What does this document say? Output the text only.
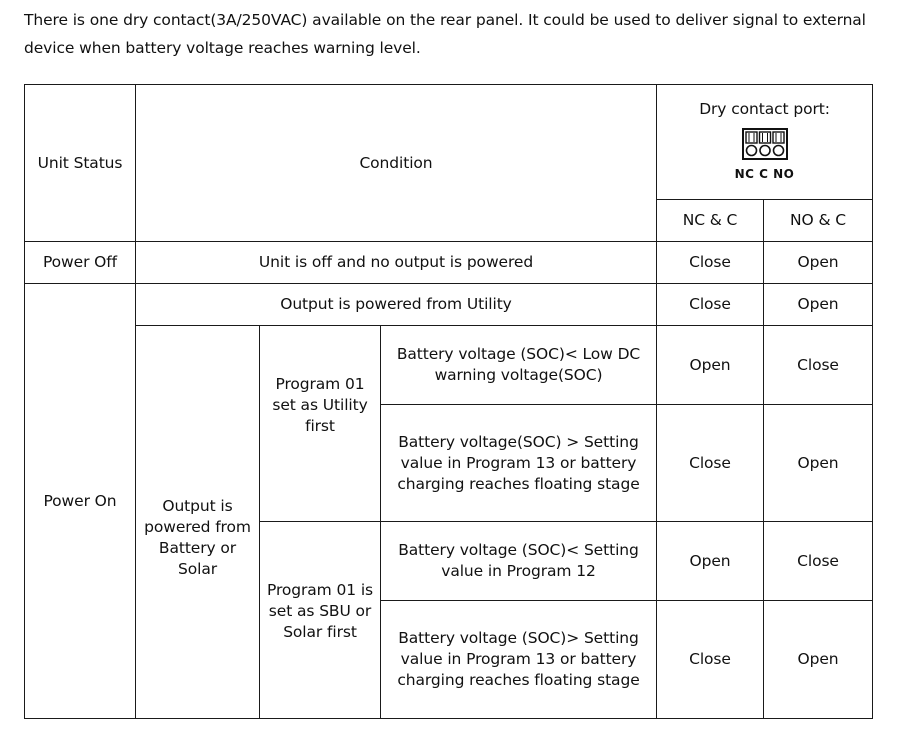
There is one dry contact(3A/250VAC) available on the rear panel. It could be used to deliver signal to external device when battery voltage reaches warning level.
Unit Status	Condition			Dry contact port:
NC C NO	

				NC & C	NO & C
Power Off	Unit is off and no output is powered			Close	Open
Power On	Output is powered from Utility			Close	Open
	Output is powered from Battery or Solar	Program 01 set as Utility first	Battery voltage (SOC)< Low DC warning voltage(SOC)	Open	Close
			Battery voltage(SOC) > Setting value in Program 13 or battery charging reaches floating stage	Close	Open
		Program 01 is set as SBU or Solar first	Battery voltage (SOC)< Setting value in Program 12	Open	Close
			Battery voltage (SOC)> Setting value in Program 13 or battery charging reaches floating stage	Close	Open
